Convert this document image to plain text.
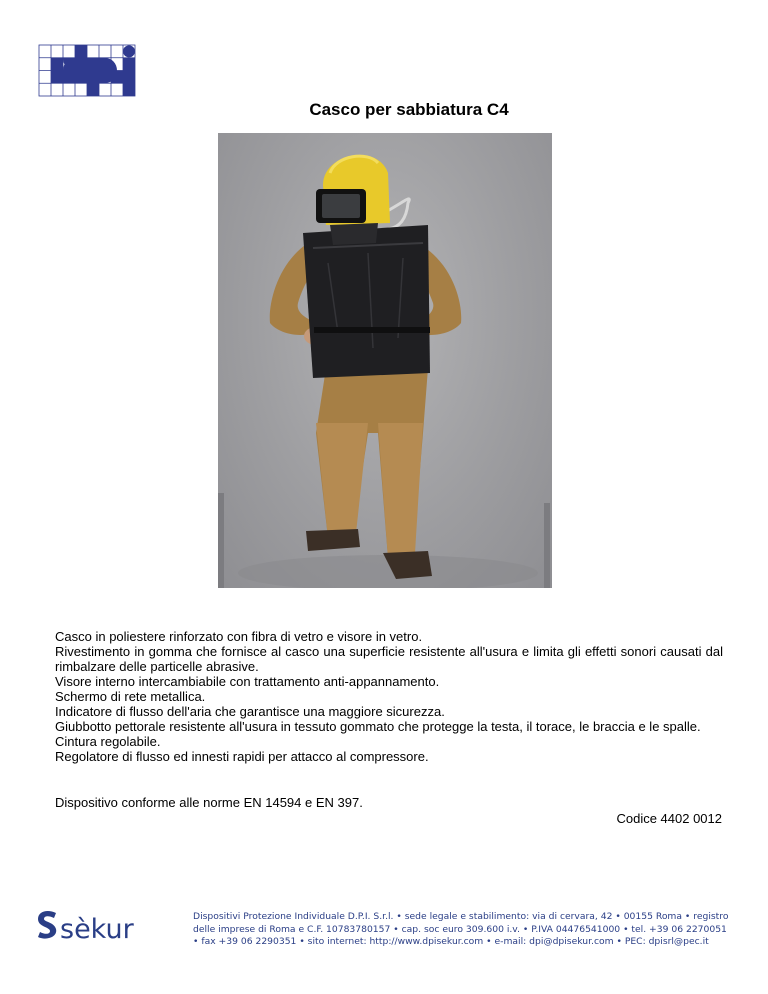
Casco per sabbiatura C4

Casco in poliestere rinforzato con fibra di vetro e visore in vetro.

Rivestimento in gomma che fornisce al casco una superficie resistente all'usura e limita gli effetti sonori causati dal rimbalzare delle particelle abrasive.

Visore interno intercambiabile con trattamento anti-appannamento.

Schermo di rete metallica.

Indicatore di flusso dell'aria che garantisce una maggiore sicurezza.

Giubbotto pettorale resistente all'usura in tessuto gommato che protegge la testa, il torace, le braccia e le spalle.

Cintura regolabile.

Regolatore di flusso ed innesti rapidi per attacco al compressore.

Dispositivo conforme alle norme EN 14594 e EN 397.
Codice 4402 0012
sèkur	Dispositivi Protezione Individuale D.P.I. S.r.l. • sede legale e stabilimento: via di cervara, 42 • 00155 Roma • registro
delle imprese di Roma e C.F. 10783780157 • cap. soc euro 309.600 i.v. • P.IVA 04476541000 • tel. +39 06 2270051
• fax +39 06 2290351 • sito internet: http://www.dpisekur.com • e-mail: dpi@dpisekur.com • PEC: dpisrl@pec.it
